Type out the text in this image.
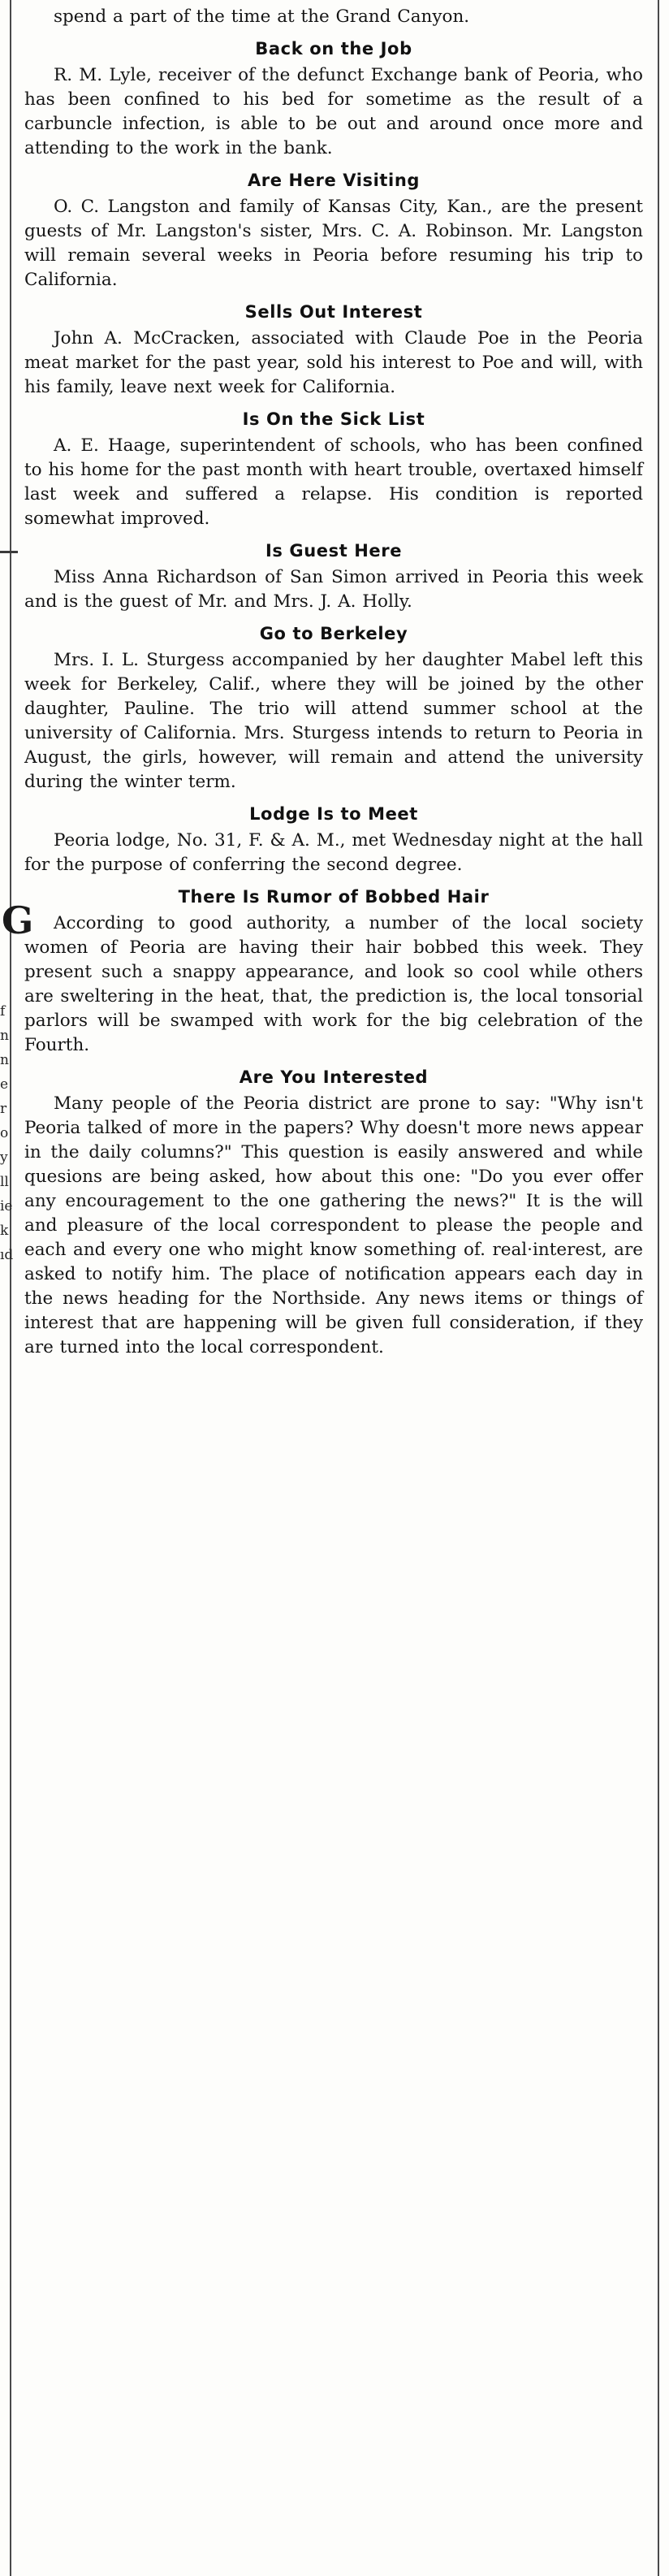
G
f
n
n
e
r
o
y
ll
ie
k
ıd

spend a part of the time at the Grand Canyon.

Back on the Job

R. M. Lyle, receiver of the defunct Exchange bank of Peoria, who has been confined to his bed for sometime as the result of a carbuncle infection, is able to be out and around once more and attending to the work in the bank.

Are Here Visiting

O. C. Langston and family of Kansas City, Kan., are the present guests of Mr. Langston's sister, Mrs. C. A. Robinson. Mr. Langston will remain several weeks in Peoria before resuming his trip to California.

Sells Out Interest

John A. McCracken, associated with Claude Poe in the Peoria meat market for the past year, sold his interest to Poe and will, with his family, leave next week for California.

Is On the Sick List

A. E. Haage, superintendent of schools, who has been confined to his home for the past month with heart trouble, overtaxed himself last week and suffered a relapse. His condition is reported somewhat improved.

Is Guest Here

Miss Anna Richardson of San Simon arrived in Peoria this week and is the guest of Mr. and Mrs. J. A. Holly.

Go to Berkeley

Mrs. I. L. Sturgess accompanied by her daughter Mabel left this week for Berkeley, Calif., where they will be joined by the other daughter, Pauline. The trio will attend summer school at the university of California. Mrs. Sturgess intends to return to Peoria in August, the girls, however, will remain and attend the university during the winter term.

Lodge Is to Meet

Peoria lodge, No. 31, F. & A. M., met Wednesday night at the hall for the purpose of conferring the second degree.

There Is Rumor of Bobbed Hair

According to good authority, a number of the local society women of Peoria are having their hair bobbed this week. They present such a snappy appearance, and look so cool while others are sweltering in the heat, that, the prediction is, the local tonsorial parlors will be swamped with work for the big celebration of the Fourth.

Are You Interested

Many people of the Peoria district are prone to say: "Why isn't Peoria talked of more in the papers? Why doesn't more news appear in the daily columns?" This question is easily answered and while quesions are being asked, how about this one: "Do you ever offer any encouragement to the one gathering the news?" It is the will and pleasure of the local correspondent to please the people and each and every one who might know something of. real·interest, are asked to notify him. The place of notification appears each day in the news heading for the Northside. Any news items or things of interest that are happening will be given full consideration, if they are turned into the local correspondent.
